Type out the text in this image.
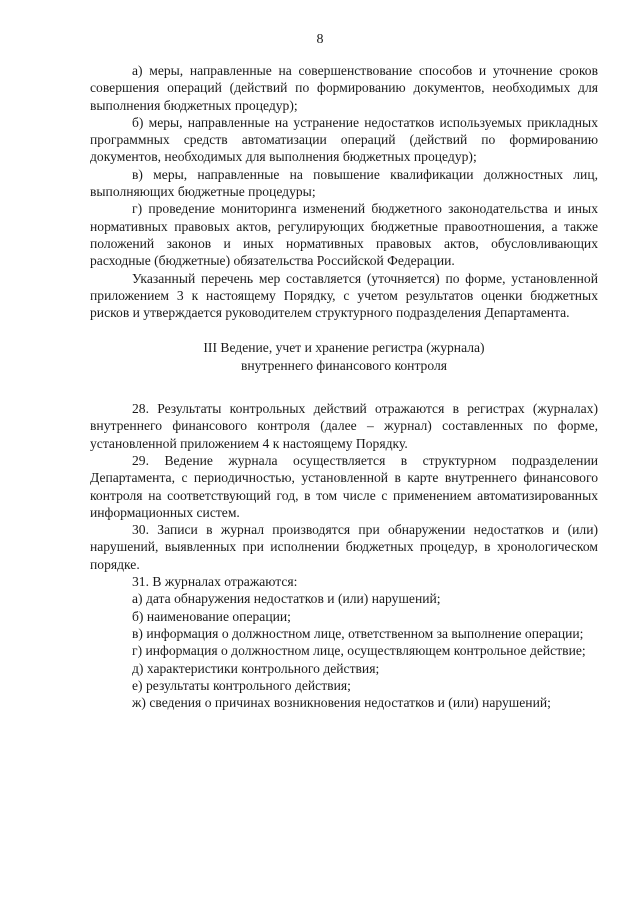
8

а) меры, направленные на совершенствование способов и уточнение сроков совершения операций (действий по формированию документов, необходимых для выполнения бюджетных процедур);

б) меры, направленные на устранение недостатков используемых прикладных программных средств автоматизации операций (действий по формированию документов, необходимых для выполнения бюджетных процедур);

в) меры, направленные на повышение квалификации должностных лиц, выполняющих бюджетные процедуры;

г) проведение мониторинга изменений бюджетного законодательства и иных нормативных правовых актов, регулирующих бюджетные правоотношения, а также положений законов и иных нормативных правовых актов, обусловливающих расходные (бюджетные) обязательства Российской Федерации.

Указанный перечень мер составляется (уточняется) по форме, установленной приложением 3 к настоящему Порядку, с учетом результатов оценки бюджетных рисков и утверждается руководителем структурного подразделения Департамента.

III Ведение, учет и хранение регистра (журнала)
внутреннего финансового контроля

28. Результаты контрольных действий отражаются в регистрах (журналах) внутреннего финансового контроля (далее – журнал) составленных по форме, установленной приложением 4 к настоящему Порядку.

29. Ведение журнала осуществляется в структурном подразделении Департамента, с периодичностью, установленной в карте внутреннего финансового контроля на соответствующий год, в том числе с применением автоматизированных информационных систем.

30. Записи в журнал производятся при обнаружении недостатков и (или) нарушений, выявленных при исполнении бюджетных процедур, в хронологическом порядке.

31. В журналах отражаются:

а) дата обнаружения недостатков и (или) нарушений;

б) наименование операции;

в) информация о должностном лице, ответственном за выполнение операции;

г) информация о должностном лице, осуществляющем контрольное действие;

д) характеристики контрольного действия;

е) результаты контрольного действия;

ж) сведения о причинах возникновения недостатков и (или) нарушений;
